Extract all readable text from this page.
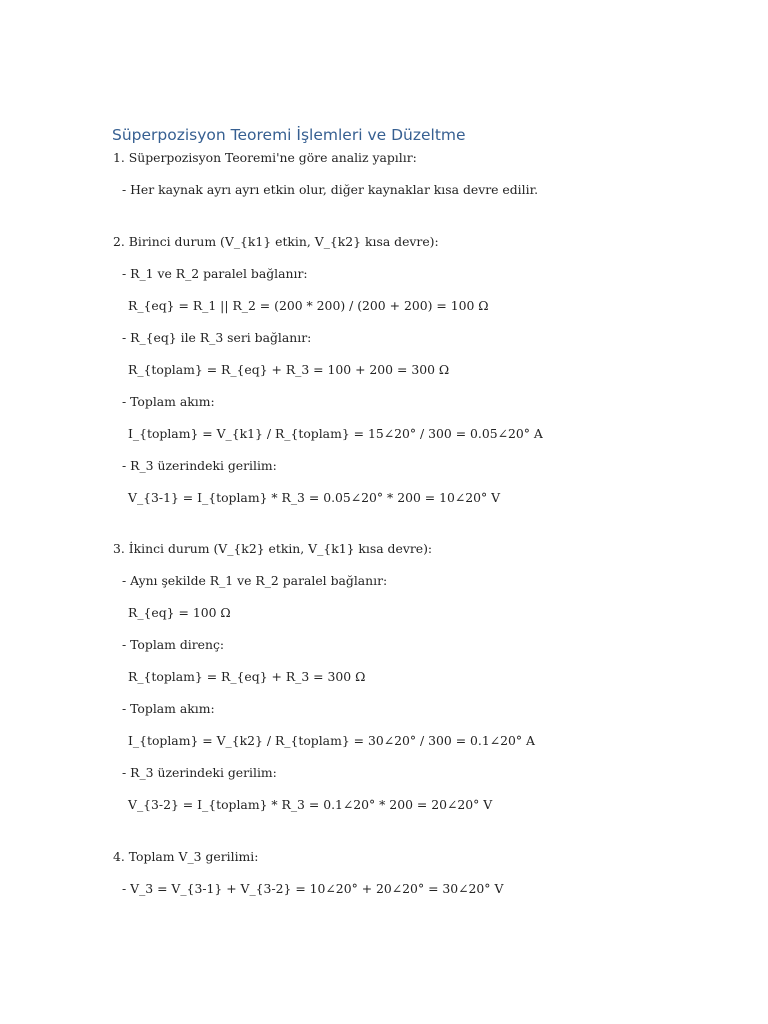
Süperpozisyon Teoremi İşlemleri ve Düzeltme

1. Süperpozisyon Teoremi'ne göre analiz yapılır:

- Her kaynak ayrı ayrı etkin olur, diğer kaynaklar kısa devre edilir.

2. Birinci durum (V_{k1} etkin, V_{k2} kısa devre):

- R_1 ve R_2 paralel bağlanır:

R_{eq} = R_1 || R_2 = (200 * 200) / (200 + 200) = 100 Ω

- R_{eq} ile R_3 seri bağlanır:

R_{toplam} = R_{eq} + R_3 = 100 + 200 = 300 Ω

- Toplam akım:

I_{toplam} = V_{k1} / R_{toplam} = 15∠20° / 300 = 0.05∠20° A

- R_3 üzerindeki gerilim:

V_{3-1} = I_{toplam} * R_3 = 0.05∠20° * 200 = 10∠20° V

3. İkinci durum (V_{k2} etkin, V_{k1} kısa devre):

- Aynı şekilde R_1 ve R_2 paralel bağlanır:

R_{eq} = 100 Ω

- Toplam direnç:

R_{toplam} = R_{eq} + R_3 = 300 Ω

- Toplam akım:

I_{toplam} = V_{k2} / R_{toplam} = 30∠20° / 300 = 0.1∠20° A

- R_3 üzerindeki gerilim:

V_{3-2} = I_{toplam} * R_3 = 0.1∠20° * 200 = 20∠20° V

4. Toplam V_3 gerilimi:

- V_3 = V_{3-1} + V_{3-2} = 10∠20° + 20∠20° = 30∠20° V
